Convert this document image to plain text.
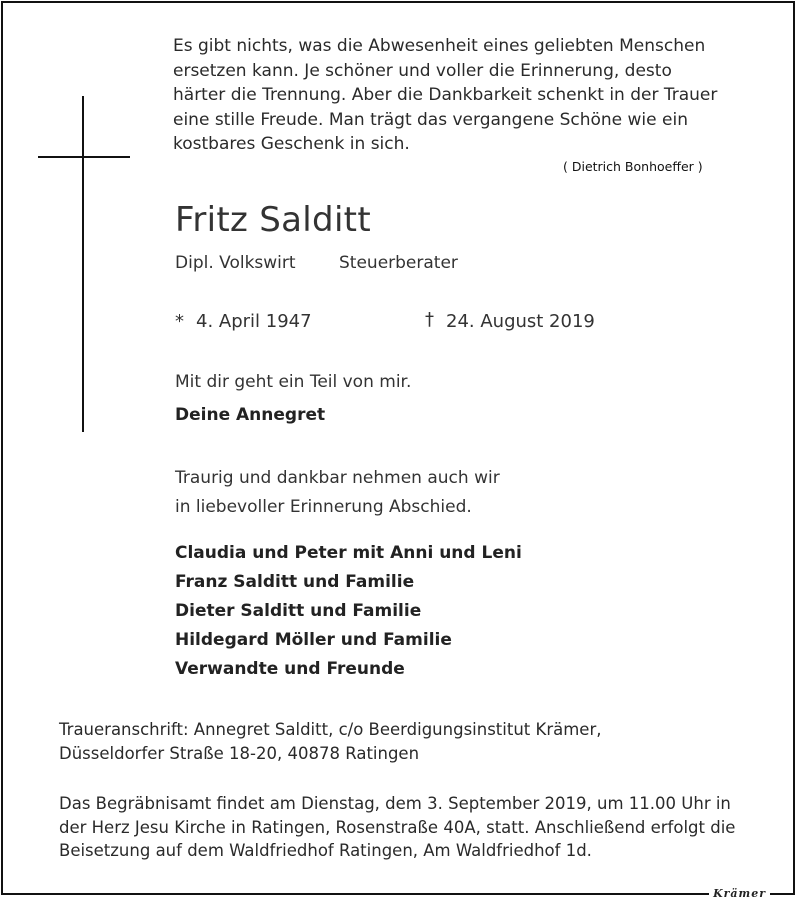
Es gibt nichts, was die Abwesenheit eines geliebten Menschen
ersetzen kann. Je schöner und voller die Erinnerung, desto
härter die Trennung. Aber die Dankbarkeit schenkt in der Trauer
eine stille Freude. Man trägt das vergangene Schöne wie ein
kostbares Geschenk in sich.
( Dietrich Bonhoeffer )
Fritz Salditt
Dipl. Volkswirt	Steuerberater
* 4. April 1947	† 24. August 2019
Mit dir geht ein Teil von mir.
Deine Annegret
Traurig und dankbar nehmen auch wir
in liebevoller Erinnerung Abschied.
Claudia und Peter mit Anni und Leni
Franz Salditt und Familie
Dieter Salditt und Familie
Hildegard Möller und Familie
Verwandte und Freunde
Traueranschrift: Annegret Salditt, c/o Beerdigungsinstitut Krämer,
Düsseldorfer Straße 18-20, 40878 Ratingen
Das Begräbnisamt findet am Dienstag, dem 3. September 2019, um 11.00 Uhr in
der Herz Jesu Kirche in Ratingen, Rosenstraße 40A, statt. Anschließend erfolgt die
Beisetzung auf dem Waldfriedhof Ratingen, Am Waldfriedhof 1d.
Krämer
